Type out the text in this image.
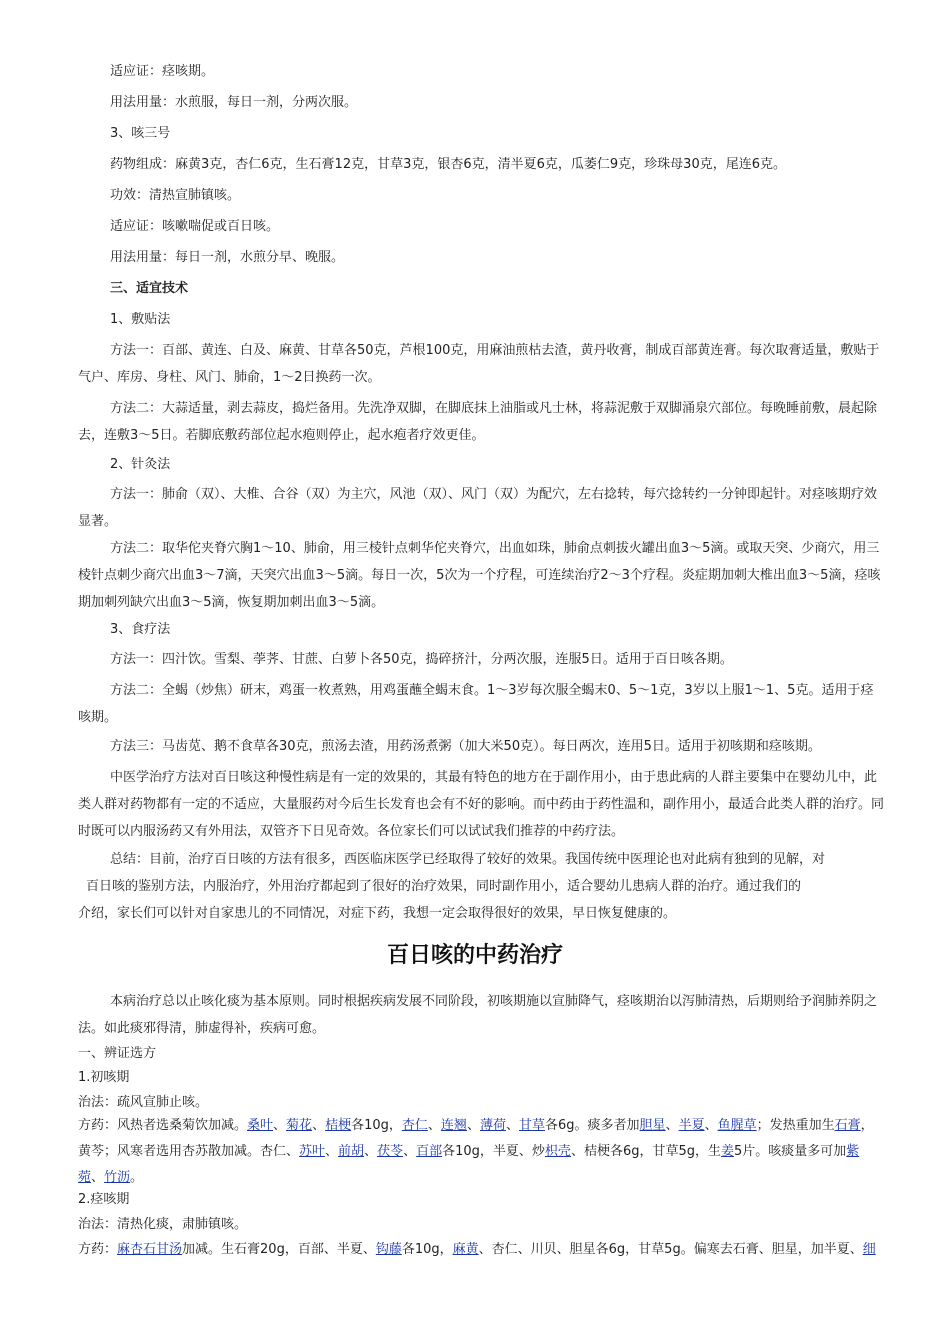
适应证：痉咳期。

用法用量：水煎服，每日一剂，分两次服。

3、咳三号

药物组成：麻黄3克，杏仁6克，生石膏12克，甘草3克，银杏6克，清半夏6克，瓜萎仁9克，珍珠母30克，尾连6克。

功效：清热宣肺镇咳。

适应证：咳嗽喘促或百日咳。

用法用量：每日一剂，水煎分早、晚服。

三、适宜技术

1、敷贴法

方法一：百部、黄连、白及、麻黄、甘草各50克，芦根100克，用麻油煎枯去渣，黄丹收膏，制成百部黄连膏。每次取膏适量，敷贴于气户、库房、身柱、风门、肺俞，1～2日换药一次。

方法二：大蒜适量，剥去蒜皮，捣烂备用。先洗净双脚，在脚底抹上油脂或凡士林，将蒜泥敷于双脚涌泉穴部位。每晚睡前敷，晨起除去，连敷3～5日。若脚底敷药部位起水疱则停止，起水疱者疗效更佳。

2、针灸法

方法一：肺俞（双）、大椎、合谷（双）为主穴，风池（双）、风门（双）为配穴，左右捻转，每穴捻转约一分钟即起针。对痉咳期疗效显著。

方法二：取华佗夹脊穴胸1～10、肺俞，用三棱针点刺华佗夹脊穴，出血如珠，肺俞点刺拔火罐出血3～5滴。或取天突、少商穴，用三棱针点刺少商穴出血3～7滴，天突穴出血3～5滴。每日一次，5次为一个疗程，可连续治疗2～3个疗程。炎症期加刺大椎出血3～5滴，痉咳期加刺列缺穴出血3～5滴，恢复期加刺出血3～5滴。

3、食疗法

方法一：四汁饮。雪梨、荸荠、甘蔗、白萝卜各50克，捣碎挤汁，分两次服，连服5日。适用于百日咳各期。

方法二：全蝎（炒焦）研末，鸡蛋一枚煮熟，用鸡蛋蘸全蝎末食。1～3岁每次服全蝎末0、5～1克，3岁以上服1～1、5克。适用于痉咳期。

方法三：马齿苋、鹅不食草各30克，煎汤去渣，用药汤煮粥（加大米50克）。每日两次，连用5日。适用于初咳期和痉咳期。

中医学治疗方法对百日咳这种慢性病是有一定的效果的，其最有特色的地方在于副作用小，由于患此病的人群主要集中在婴幼儿中，此类人群对药物都有一定的不适应，大量服药对今后生长发育也会有不好的影响。而中药由于药性温和，副作用小，最适合此类人群的治疗。同时既可以内服汤药又有外用法，双管齐下日见奇效。各位家长们可以试试我们推荐的中药疗法。

总结：目前，治疗百日咳的方法有很多，西医临床医学已经取得了较好的效果。我国传统中医理论也对此病有独到的见解，对

百日咳的鉴别方法，内服治疗，外用治疗都起到了很好的治疗效果，同时副作用小，适合婴幼儿患病人群的治疗。通过我们的

介绍，家长们可以针对自家患儿的不同情况，对症下药，我想一定会取得很好的效果，早日恢复健康的。

百日咳的中药治疗

本病治疗总以止咳化痰为基本原则。同时根据疾病发展不同阶段，初咳期施以宣肺降气，痉咳期治以泻肺清热，后期则给予润肺养阴之法。如此痰邪得清，肺虚得补，疾病可愈。

一、辨证选方

1.初咳期

治法：疏风宣肺止咳。

方药：风热者选桑菊饮加减。桑叶、菊花、桔梗各10g，杏仁、连翘、薄荷、甘草各6g。痰多者加胆星、半夏、鱼腥草；发热重加生石膏，黄芩；风寒者选用杏苏散加减。杏仁、苏叶、前胡、茯苓、百部各10g，半夏、炒枳壳、桔梗各6g，甘草5g，生姜5片。咳痰量多可加紫菀、竹沥。

2.痉咳期

治法：清热化痰，肃肺镇咳。

方药：麻杏石甘汤加减。生石膏20g，百部、半夏、钩藤各10g，麻黄、杏仁、川贝、胆星各6g，甘草5g。偏寒去石膏、胆星，加半夏、细
